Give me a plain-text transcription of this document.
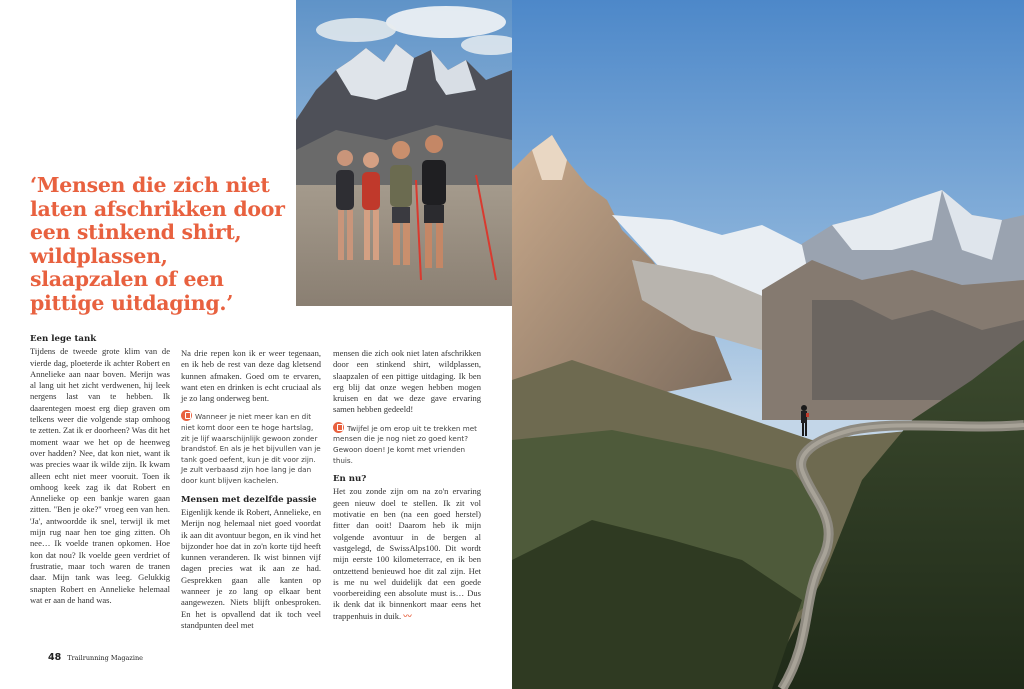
‘Mensen die zich niet laten afschrikken door een stinkend shirt, wildplassen, slaapzalen of een pittige uitdaging.’

Een lege tank

Tijdens de tweede grote klim van de vierde dag, ploeterde ik achter Robert en Annelieke aan naar boven. Merijn was al lang uit het zicht verdwenen, hij leek nergens last van te hebben. Ik daarentegen moest erg diep graven om telkens weer die volgende stap omhoog te zetten. Zat ik er doorheen? Was dit het moment waar we het op de heenweg over hadden? Nee, dat kon niet, want ik was precies waar ik wilde zijn. Ik kwam alleen echt niet meer vooruit. Toen ik omhoog keek zag ik dat Robert en Annelieke op een bankje waren gaan zitten. "Ben je oke?" vroeg een van hen. 'Ja', antwoordde ik snel, terwijl ik met mijn rug naar hen toe ging zitten. Oh nee… Ik voelde tranen opkomen. Hoe kon dat nou? Ik voelde geen verdriet of frustratie, maar toch waren de tranen daar. Mijn tank was leeg. Gelukkig snapten Robert en Annelieke helemaal wat er aan de hand was.

Na drie repen kon ik er weer tegenaan, en ik heb de rest van deze dag kletsend kunnen afmaken. Goed om te ervaren, want eten en drinken is echt cruciaal als je zo lang onderweg bent.

Wanneer je niet meer kan en dit niet komt door een te hoge hartslag, zit je lijf waarschijnlijk gewoon zonder brandstof. En als je het bijvullen van je tank goed oefent, kun je dit voor zijn. Je zult verbaasd zijn hoe lang je dan door kunt blijven kachelen.
Mensen met dezelfde passie

Eigenlijk kende ik Robert, Annelieke, en Merijn nog helemaal niet goed voordat ik aan dit avontuur begon, en ik vind het bijzonder hoe dat in zo'n korte tijd heeft kunnen veranderen. Ik wist binnen vijf dagen precies wat ik aan ze had. Gesprekken gaan alle kanten op wanneer je zo lang op elkaar bent aangewezen. Niets blijft onbesproken. En het is opvallend dat ik toch veel standpunten deel met

mensen die zich ook niet laten afschrikken door een stinkend shirt, wildplassen, slaapzalen of een pittige uitdaging. Ik ben erg blij dat onze wegen hebben mogen kruisen en dat we deze gave ervaring samen hebben gedeeld!

Twijfel je om erop uit te trekken met mensen die je nog niet zo goed kent? Gewoon doen! Je komt met vrienden thuis.
En nu?

Het zou zonde zijn om na zo'n ervaring geen nieuw doel te stellen. Ik zit vol motivatie en ben (na een goed herstel) fitter dan ooit! Daarom heb ik mijn volgende avontuur in de bergen al vastgelegd, de SwissAlps100. Dit wordt mijn eerste 100 kilometerrace, en ik ben ontzettend benieuwd hoe dit zal zijn. Het is me nu wel duidelijk dat een goede voorbereiding een absolute must is… Dus ik denk dat ik binnenkort maar eens het trappenhuis in duik. 〰

48 Trailrunning Magazine
